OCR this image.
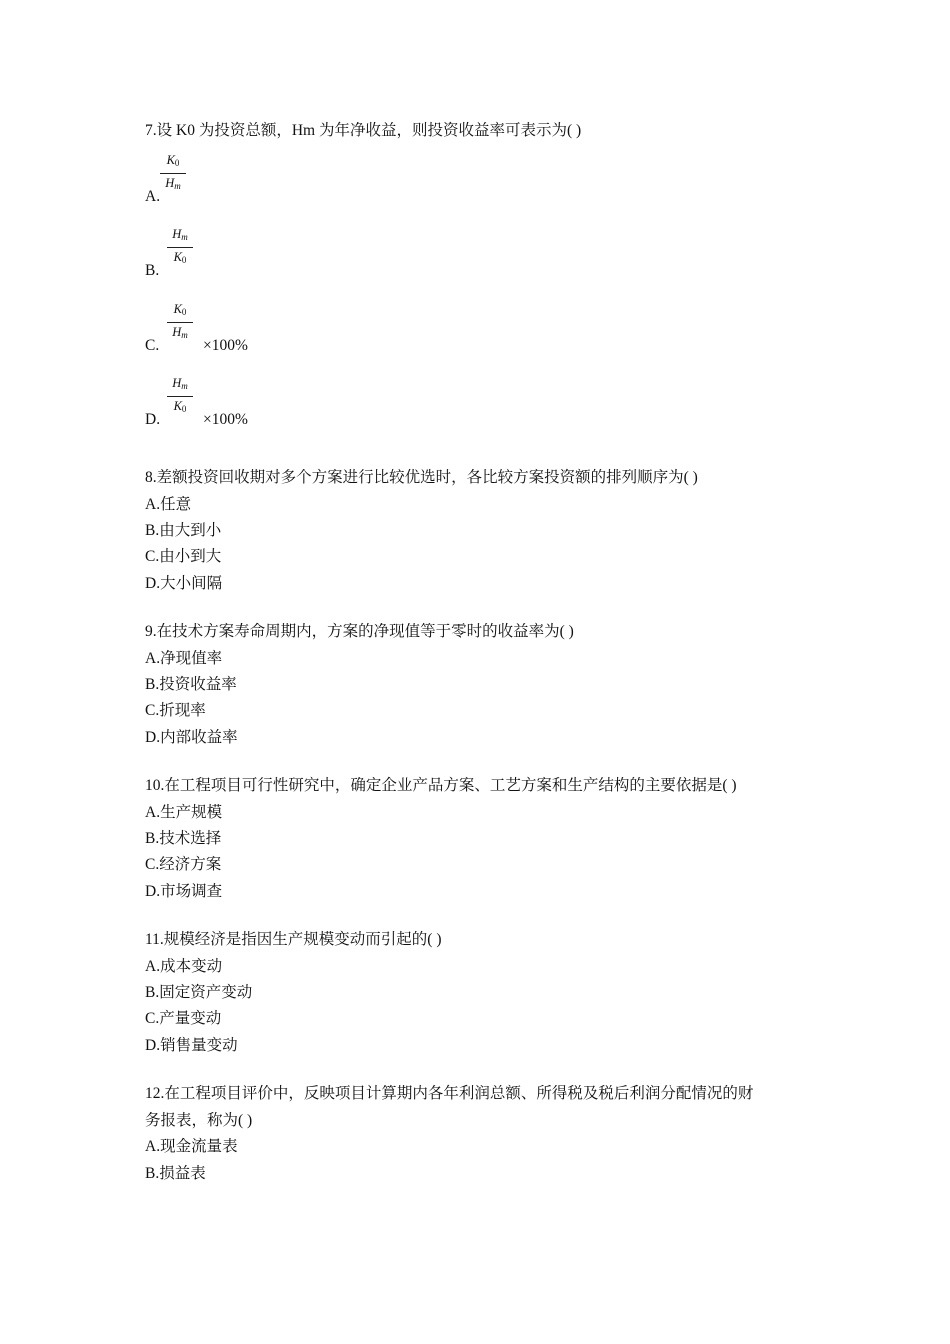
7.设 K0 为投资总额，Hm 为年净收益，则投资收益率可表示为( )
A.
$K_0$
$H_m$
B.
$H_m$
$K_0$
C.
$K_0$
$H_m$
×100%
D.
$H_m$
$K_0$
×100%
8.差额投资回收期对多个方案进行比较优选时，各比较方案投资额的排列顺序为( )
A.任意
B.由大到小
C.由小到大
D.大小间隔
9.在技术方案寿命周期内，方案的净现值等于零时的收益率为( )
A.净现值率
B.投资收益率
C.折现率
D.内部收益率
10.在工程项目可行性研究中，确定企业产品方案、工艺方案和生产结构的主要依据是( )
A.生产规模
B.技术选择
C.经济方案
D.市场调查
11.规模经济是指因生产规模变动而引起的( )
A.成本变动
B.固定资产变动
C.产量变动
D.销售量变动
12.在工程项目评价中，反映项目计算期内各年利润总额、所得税及税后利润分配情况的财
务报表，称为( )
A.现金流量表
B.损益表
